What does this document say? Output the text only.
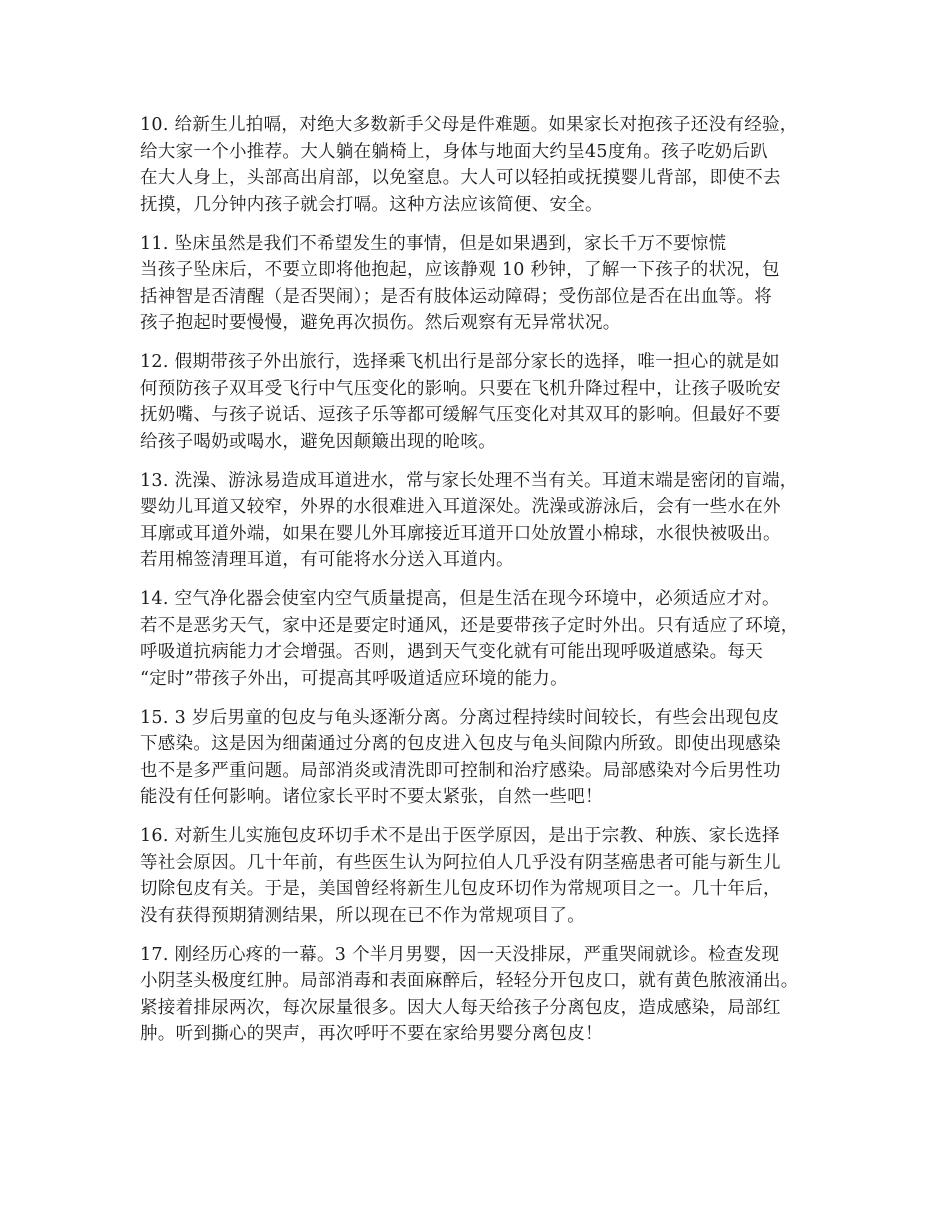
10. 给新生儿拍嗝，对绝大多数新手父母是件难题。如果家长对抱孩子还没有经验，
给大家一个小推荐。大人躺在躺椅上，身体与地面大约呈45度角。孩子吃奶后趴
在大人身上，头部高出肩部，以免窒息。大人可以轻拍或抚摸婴儿背部，即使不去
抚摸，几分钟内孩子就会打嗝。这种方法应该简便、安全。
11. 坠床虽然是我们不希望发生的事情，但是如果遇到，家长千万不要惊慌
当孩子坠床后，不要立即将他抱起，应该静观 10 秒钟，了解一下孩子的状况，包
括神智是否清醒（是否哭闹）；是否有肢体运动障碍；受伤部位是否在出血等。将
孩子抱起时要慢慢，避免再次损伤。然后观察有无异常状况。
12. 假期带孩子外出旅行，选择乘飞机出行是部分家长的选择，唯一担心的就是如
何预防孩子双耳受飞行中气压变化的影响。只要在飞机升降过程中，让孩子吸吮安
抚奶嘴、与孩子说话、逗孩子乐等都可缓解气压变化对其双耳的影响。但最好不要
给孩子喝奶或喝水，避免因颠簸出现的呛咳。
13. 洗澡、游泳易造成耳道进水，常与家长处理不当有关。耳道末端是密闭的盲端，
婴幼儿耳道又较窄，外界的水很难进入耳道深处。洗澡或游泳后，会有一些水在外
耳廓或耳道外端，如果在婴儿外耳廓接近耳道开口处放置小棉球，水很快被吸出。
若用棉签清理耳道，有可能将水分送入耳道内。
14. 空气净化器会使室内空气质量提高，但是生活在现今环境中，必须适应才对。
若不是恶劣天气，家中还是要定时通风，还是要带孩子定时外出。只有适应了环境，
呼吸道抗病能力才会增强。否则，遇到天气变化就有可能出现呼吸道感染。每天
“定时”带孩子外出，可提高其呼吸道适应环境的能力。
15. 3 岁后男童的包皮与龟头逐渐分离。分离过程持续时间较长，有些会出现包皮
下感染。这是因为细菌通过分离的包皮进入包皮与龟头间隙内所致。即使出现感染
也不是多严重问题。局部消炎或清洗即可控制和治疗感染。局部感染对今后男性功
能没有任何影响。诸位家长平时不要太紧张，自然一些吧！
16. 对新生儿实施包皮环切手术不是出于医学原因，是出于宗教、种族、家长选择
等社会原因。几十年前，有些医生认为阿拉伯人几乎没有阴茎癌患者可能与新生儿
切除包皮有关。于是，美国曾经将新生儿包皮环切作为常规项目之一。几十年后，
没有获得预期猜测结果，所以现在已不作为常规项目了。
17. 刚经历心疼的一幕。3 个半月男婴，因一天没排尿，严重哭闹就诊。检查发现
小阴茎头极度红肿。局部消毒和表面麻醉后，轻轻分开包皮口，就有黄色脓液涌出。
紧接着排尿两次，每次尿量很多。因大人每天给孩子分离包皮，造成感染，局部红
肿。听到撕心的哭声，再次呼吁不要在家给男婴分离包皮！
